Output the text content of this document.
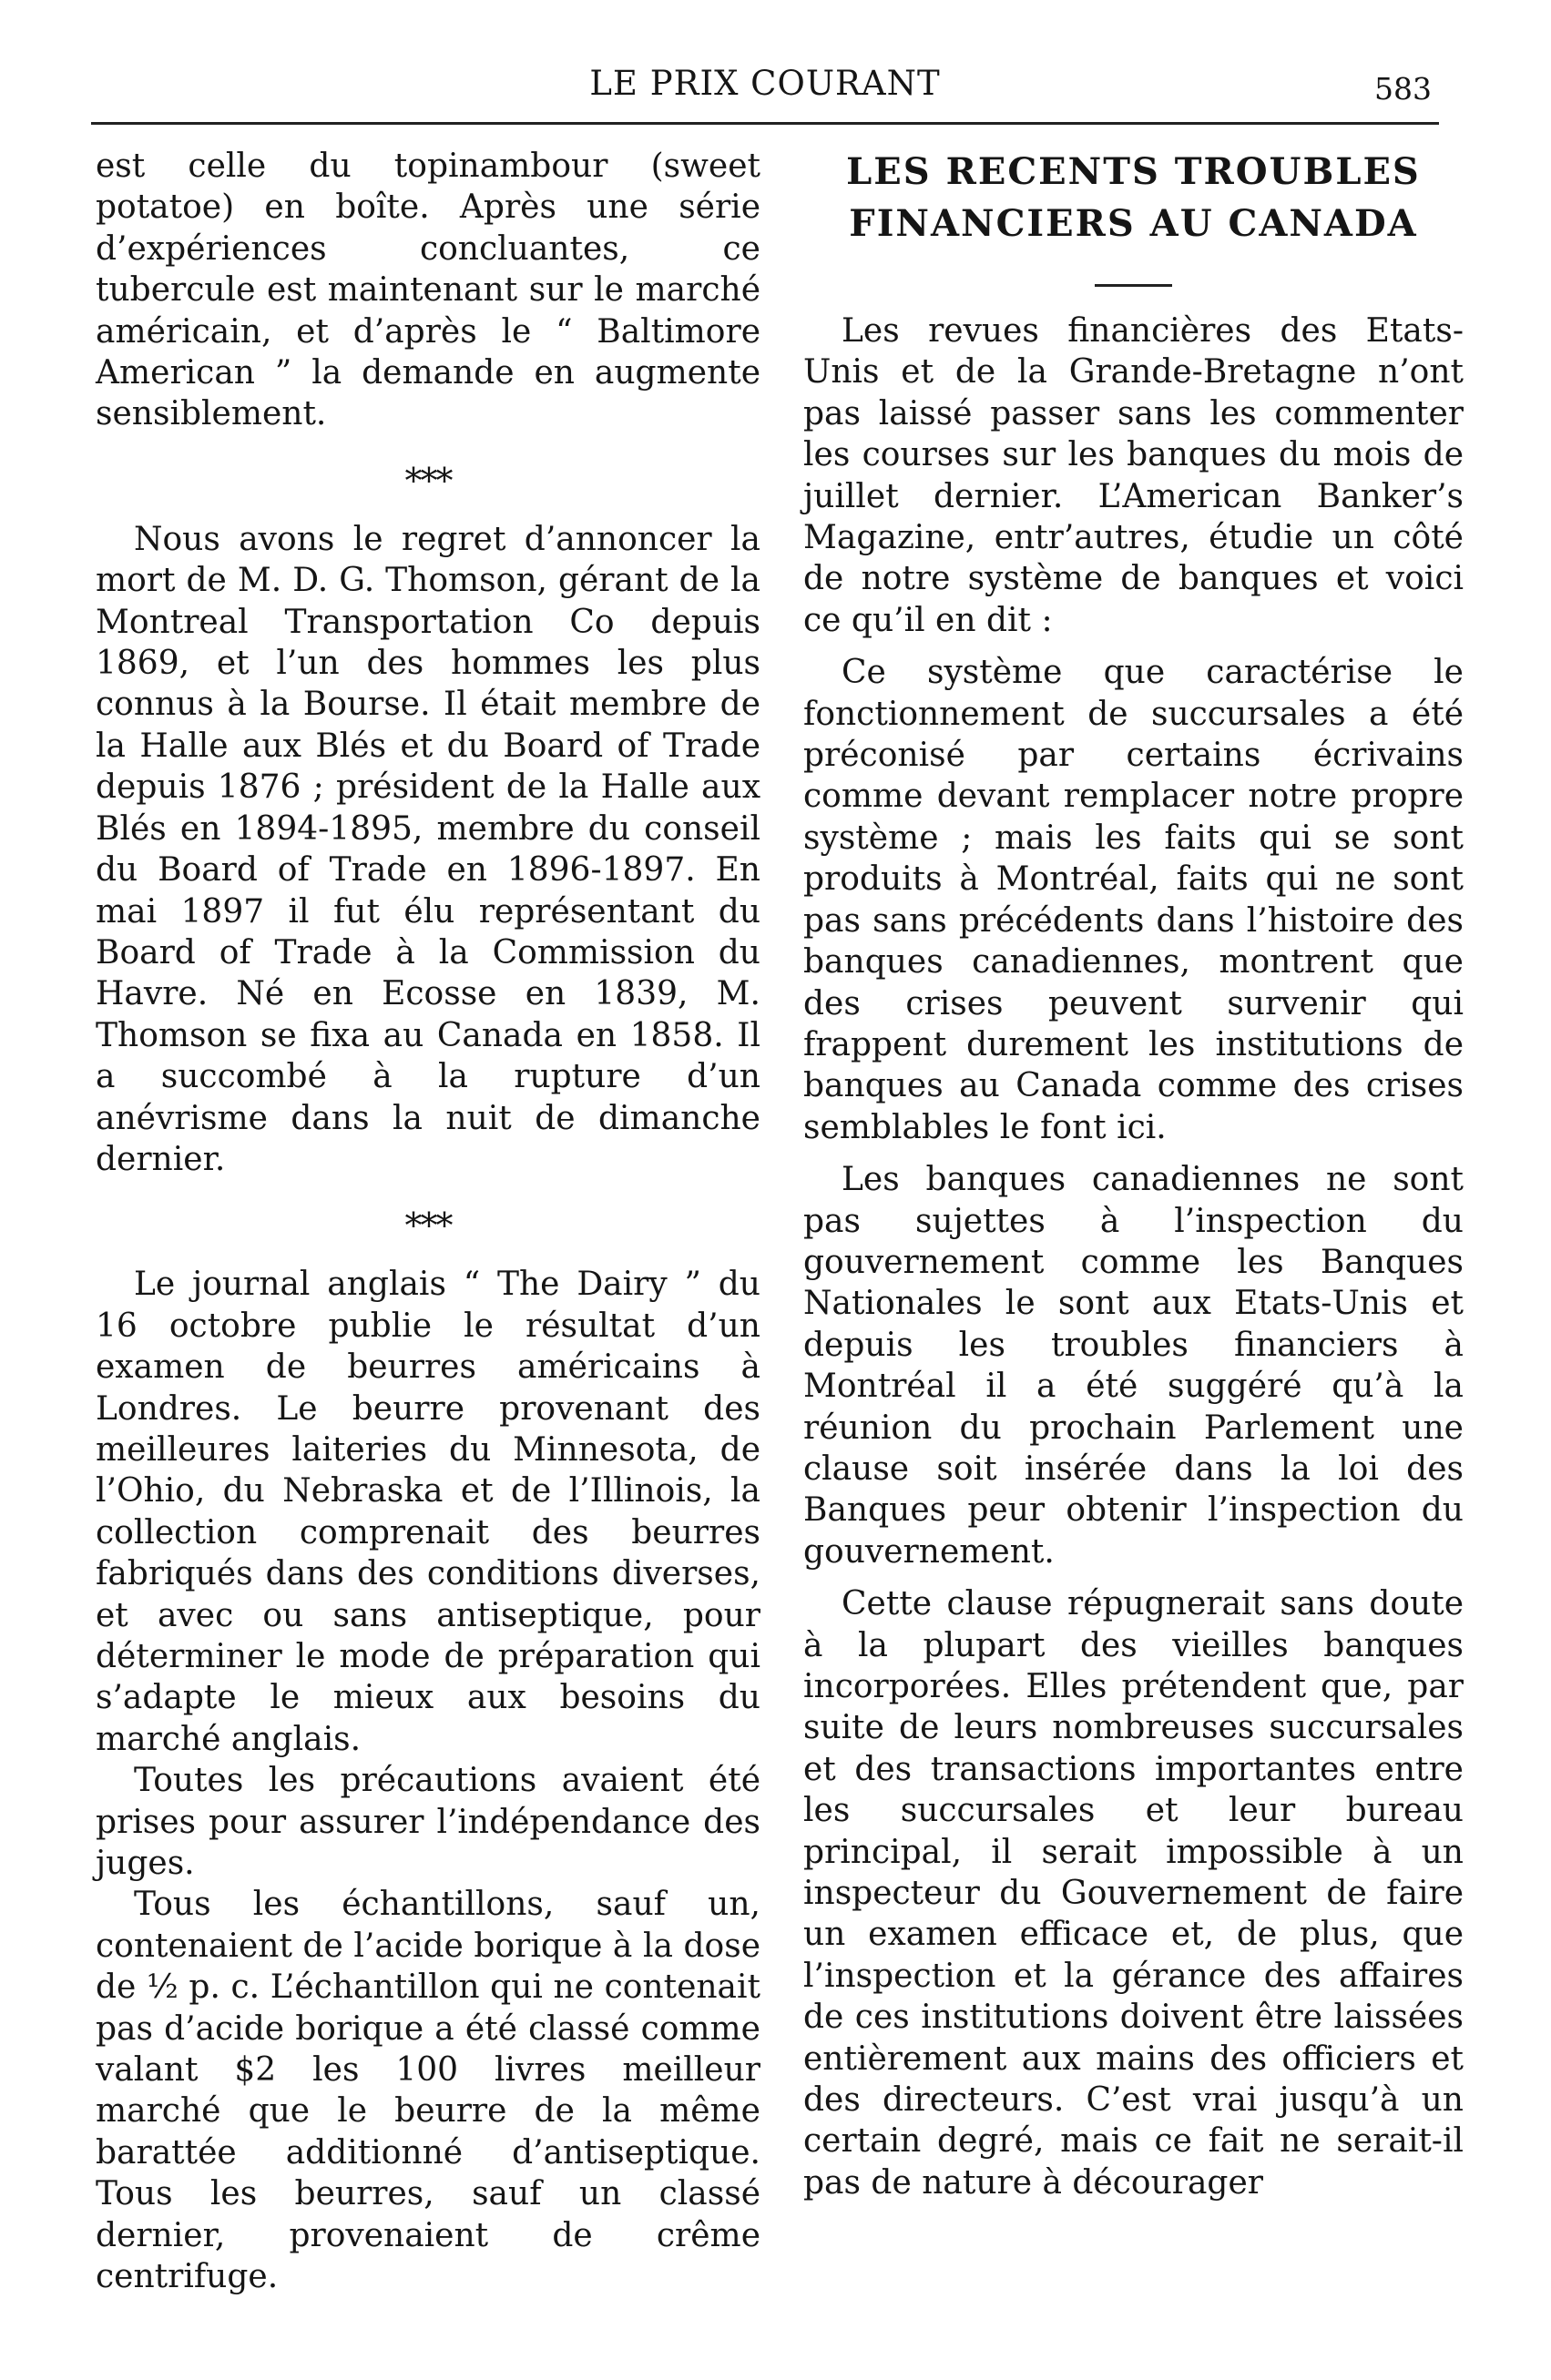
LE PRIX COURANT	583

est celle du topinambour (sweet potatoe) en boîte. Après une série d’expériences concluantes, ce tubercule est maintenant sur le marché américain, et d’après le “ Baltimore American ” la demande en augmente sensiblement.

***

Nous avons le regret d’annoncer la mort de M. D. G. Thomson, gérant de la Montreal Transportation Co depuis 1869, et l’un des hommes les plus connus à la Bourse. Il était membre de la Halle aux Blés et du Board of Trade depuis 1876 ; président de la Halle aux Blés en 1894-1895, membre du conseil du Board of Trade en 1896-1897. En mai 1897 il fut élu représentant du Board of Trade à la Commission du Havre. Né en Ecosse en 1839, M. Thomson se fixa au Canada en 1858. Il a succombé à la rupture d’un anévrisme dans la nuit de dimanche dernier.

***

Le journal anglais “ The Dairy ” du 16 octobre publie le résultat d’un examen de beurres américains à Londres. Le beurre provenant des meilleures laiteries du Minnesota, de l’Ohio, du Nebraska et de l’Illinois, la collection comprenait des beurres fabriqués dans des conditions diverses, et avec ou sans antiseptique, pour déterminer le mode de préparation qui s’adapte le mieux aux besoins du marché anglais.

Toutes les précautions avaient été prises pour assurer l’indépendance des juges.

Tous les échantillons, sauf un, contenaient de l’acide borique à la dose de ½ p. c. L’échantillon qui ne contenait pas d’acide borique a été classé comme valant $2 les 100 livres meilleur marché que le beurre de la même barattée additionné d’antiseptique. Tous les beurres, sauf un classé dernier, provenaient de crême centrifuge.

LES RECENTS TROUBLES FINANCIERS AU CANADA

Les revues financières des Etats-Unis et de la Grande-Bretagne n’ont pas laissé passer sans les commenter les courses sur les banques du mois de juillet dernier. L’American Banker’s Magazine, entr’autres, étudie un côté de notre système de banques et voici ce qu’il en dit :

Ce système que caractérise le fonctionnement de succursales a été préconisé par certains écrivains comme devant remplacer notre propre système ; mais les faits qui se sont produits à Montréal, faits qui ne sont pas sans précédents dans l’histoire des banques canadiennes, montrent que des crises peuvent survenir qui frappent durement les institutions de banques au Canada comme des crises semblables le font ici.

Les banques canadiennes ne sont pas sujettes à l’inspection du gouvernement comme les Banques Nationales le sont aux Etats-Unis et depuis les troubles financiers à Montréal il a été suggéré qu’à la réunion du prochain Parlement une clause soit insérée dans la loi des Banques peur obtenir l’inspection du gouvernement.

Cette clause répugnerait sans doute à la plupart des vieilles banques incorporées. Elles prétendent que, par suite de leurs nombreuses succursales et des transactions importantes entre les succursales et leur bureau principal, il serait impossible à un inspecteur du Gouvernement de faire un examen efficace et, de plus, que l’inspection et la gérance des affaires de ces institutions doivent être laissées entièrement aux mains des officiers et des directeurs. C’est vrai jusqu’à un certain degré, mais ce fait ne serait-il pas de nature à décourager
